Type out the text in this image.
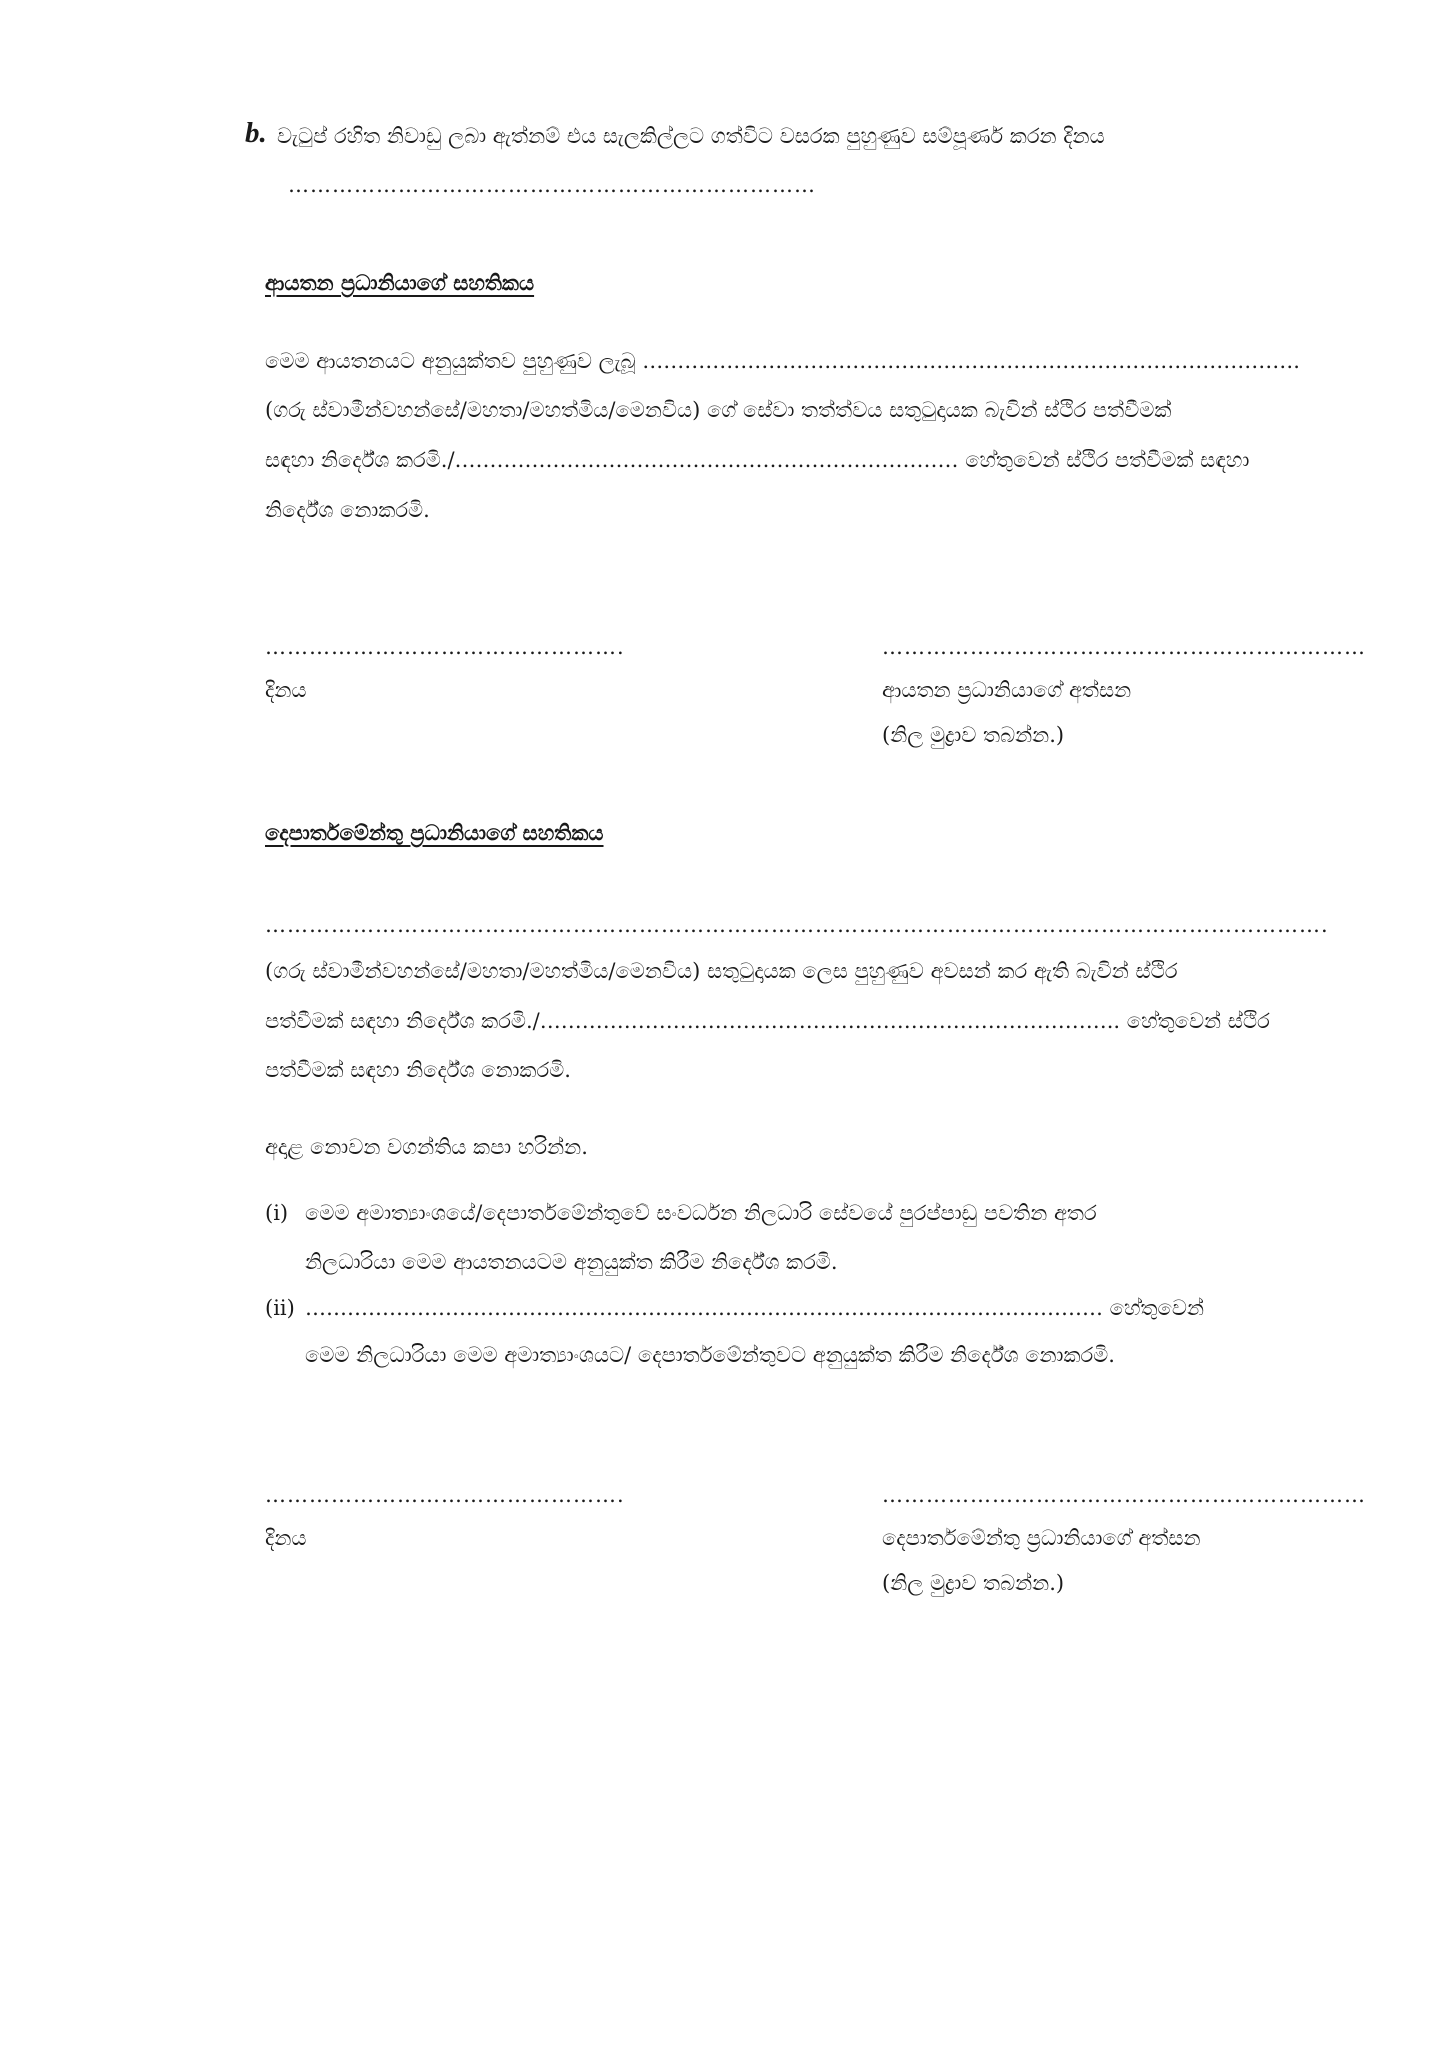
b. වැටුප් රහිත නිවාඩු ලබා ඇත්නම් එය සැලකිල්ලට ගත්විට වසරක පුහුණුව සම්පූර්ණ කරන දිනය
………………………………………………………………
ආයතන ප්‍රධානියාගේ සහතිකය
මෙම ආයතනයට අනුයුක්තව පුහුණුව ලැබූ ………………………………………………………………………………….
(ගරු ස්වාමීන්වහන්සේ/මහතා/මහත්මිය/මෙනවිය) ගේ සේවා තත්ත්වය සතුටුදායක බැවින් ස්ථිර පත්වීමක්
සඳහා නිර්දේශ කරමි./……………………………………………………………… හේතුවෙන් ස්ථිර පත්වීමක් සඳහා
නිර්දේශ නොකරමි.
………………………………………….
දිනය
…………………………………………………………
ආයතන ප්‍රධානියාගේ අත්සන
(නිල මුද්‍රාව තබන්න.)
දෙපාර්තමේන්තු ප්‍රධානියාගේ සහතිකය
……………………………………………………………………………………………………………………………….
(ගරු ස්වාමීන්වහන්සේ/මහතා/මහත්මිය/මෙනවිය) සතුටුදායක ලෙස පුහුණුව අවසන් කර ඇති බැවින් ස්ථිර
පත්වීමක් සඳහා නිර්දේශ කරමි./……………………………………………………………………….. හේතුවෙන් ස්ථිර
පත්වීමක් සඳහා නිර්දේශ නොකරමි.
අදාළ නොවන වගන්තිය කපා හරින්න.
(i) මෙම අමාත්‍යාංශයේ/දෙපාර්තමේන්තුවේ සංවර්ධන නිලධාරි සේවයේ පුරප්පාඩු පවතින අතර
නිලධාරියා මෙම ආයතනයටම අනුයුක්ත කිරීම නිර්දේශ කරමි.
(ii) …………………………………………………………………………………………………… හේතුවෙන්
මෙම නිලධාරියා මෙම අමාත්‍යාංශයට/ දෙපාර්තමේන්තුවට අනුයුක්ත කිරීම නිර්දේශ නොකරමි.
………………………………………….
දිනය
…………………………………………………………
දෙපාර්තමේන්තු ප්‍රධානියාගේ අත්සන
(නිල මුද්‍රාව තබන්න.)
